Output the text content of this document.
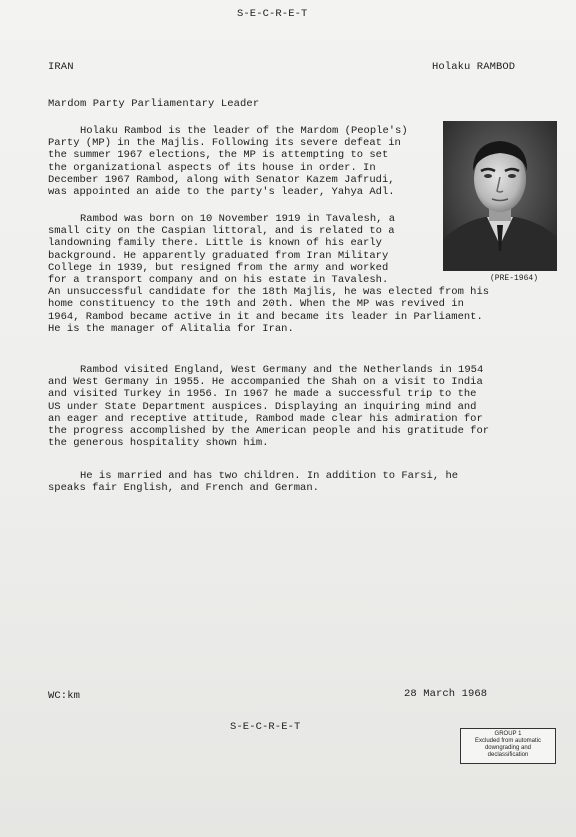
S-E-C-R-E-T
IRAN	Holaku RAMBOD
Mardom Party Parliamentary Leader
Holaku Rambod is the leader of the Mardom (People's)
Party (MP) in the Majlis. Following its severe defeat in
the summer 1967 elections, the MP is attempting to set
the organizational aspects of its house in order. In
December 1967 Rambod, along with Senator Kazem Jafrudi,
was appointed an aide to the party's leader, Yahya Adl.
(PRE-1964)
Rambod was born on 10 November 1919 in Tavalesh, a
small city on the Caspian littoral, and is related to a
landowning family there. Little is known of his early
background. He apparently graduated from Iran Military
College in 1939, but resigned from the army and worked
for a transport company and on his estate in Tavalesh.
An unsuccessful candidate for the 18th Majlis, he was elected from his
home constituency to the 19th and 20th. When the MP was revived in
1964, Rambod became active in it and became its leader in Parliament.
He is the manager of Alitalia for Iran.
Rambod visited England, West Germany and the Netherlands in 1954
and West Germany in 1955. He accompanied the Shah on a visit to India
and visited Turkey in 1956. In 1967 he made a successful trip to the
US under State Department auspices. Displaying an inquiring mind and
an eager and receptive attitude, Rambod made clear his admiration for
the progress accomplished by the American people and his gratitude for
the generous hospitality shown him.
He is married and has two children. In addition to Farsi, he
speaks fair English, and French and German.
WC:km	28 March 1968
S-E-C-R-E-T
GROUP 1
Excluded from automatic
downgrading and
declassification
